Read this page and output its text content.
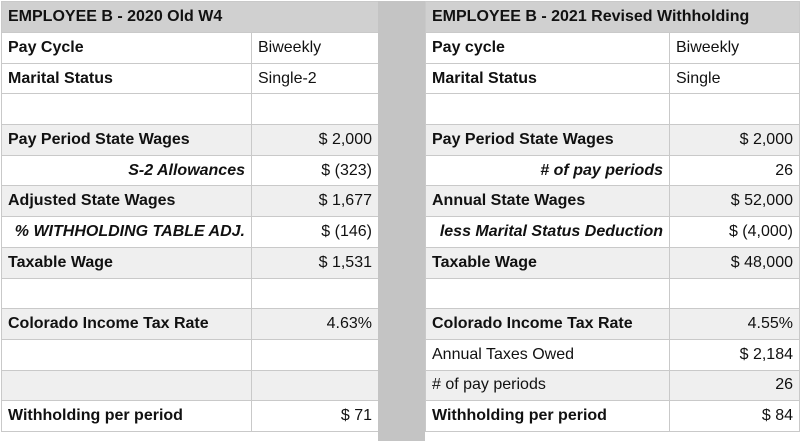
EMPLOYEE B - 2020 Old W4	
Pay Cycle	Biweekly
Marital Status	Single-2

Pay Period State Wages	$ 2,000
S-2 Allowances	$ (323)
Adjusted State Wages	$ 1,677
% WITHHOLDING TABLE ADJ.	$ (146)
Taxable Wage	$ 1,531

Colorado Income Tax Rate	4.63%

Withholding per period	$ 71
EMPLOYEE B - 2021 Revised Withholding	
Pay cycle	Biweekly
Marital Status	Single

Pay Period State Wages	$ 2,000
# of pay periods	26
Annual State Wages	$ 52,000
less Marital Status Deduction	$ (4,000)
Taxable Wage	$ 48,000

Colorado Income Tax Rate	4.55%
Annual Taxes Owed	$ 2,184
# of pay periods	26
Withholding per period	$ 84
